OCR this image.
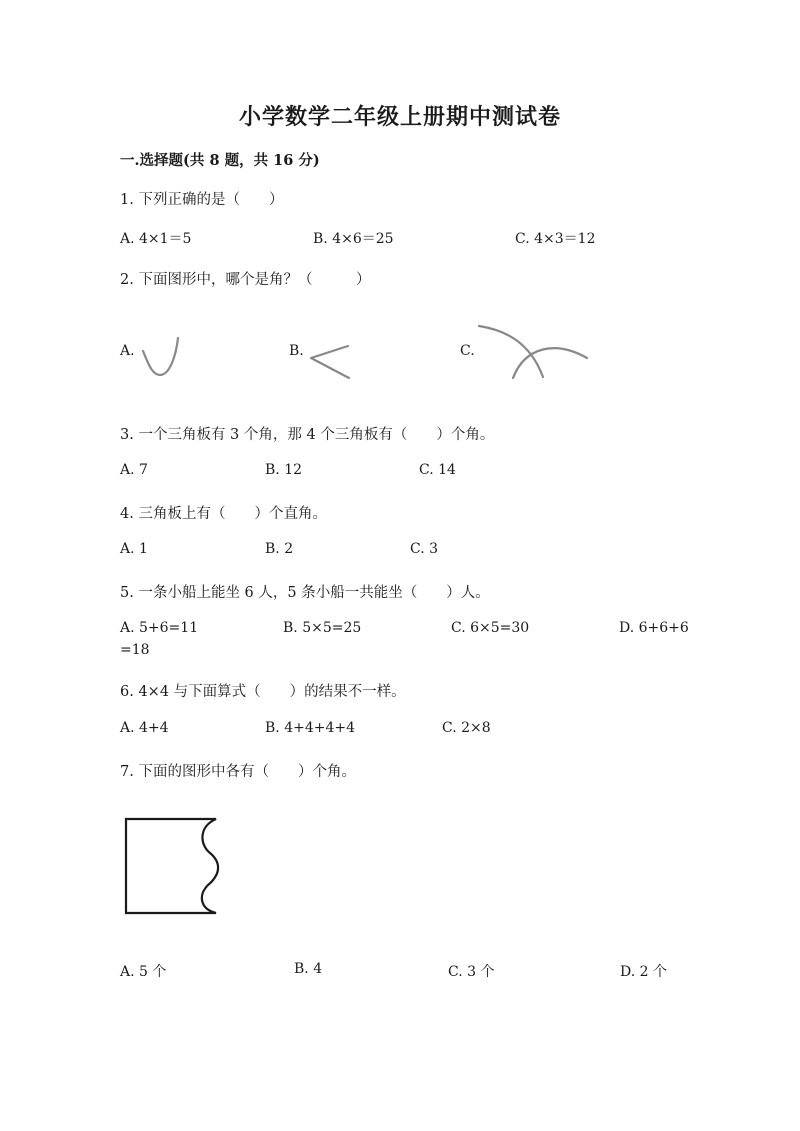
小学数学二年级上册期中测试卷
一.选择题(共 8 题，共 16 分)
1. 下列正确的是（　　）
A. 4×1＝5	B. 4×6＝25	C. 4×3＝12
2. 下面图形中，哪个是角？（　　　）
A.	B.	C.
3. 一个三角板有 3 个角，那 4 个三角板有（　　）个角。
A. 7	B. 12	C. 14
4. 三角板上有（　　）个直角。
A. 1	B. 2	C. 3
5. 一条小船上能坐 6 人，5 条小船一共能坐（　　）人。
A. 5+6=11	B. 5×5=25	C. 6×5=30	D. 6+6+6
=18
6. 4×4 与下面算式（　　）的结果不一样。
A. 4+4	B. 4+4+4+4	C. 2×8
7. 下面的图形中各有（　　）个角。
A. 5 个	B. 4	C. 3 个	D. 2 个
